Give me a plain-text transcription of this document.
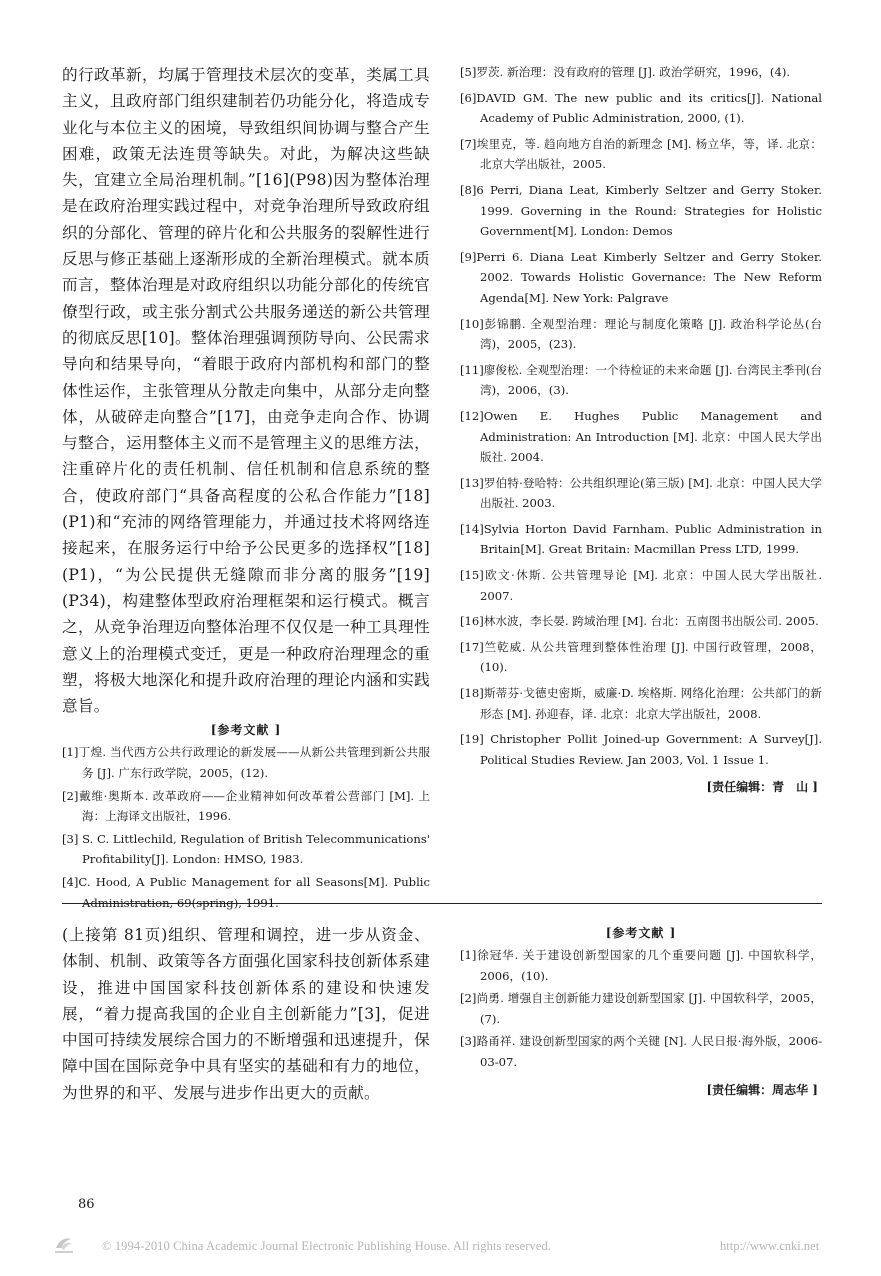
的行政革新，均属于管理技术层次的变革，类属工具主义，且政府部门组织建制若仍功能分化，将造成专业化与本位主义的困境，导致组织间协调与整合产生困难，政策无法连贯等缺失。对此，为解决这些缺失，宜建立全局治理机制。”[16](P98)因为整体治理是在政府治理实践过程中，对竞争治理所导致政府组织的分部化、管理的碎片化和公共服务的裂解性进行反思与修正基础上逐渐形成的全新治理模式。就本质而言，整体治理是对政府组织以功能分部化的传统官僚型行政，或主张分割式公共服务递送的新公共管理的彻底反思[10]。整体治理强调预防导向、公民需求导向和结果导向，“着眼于政府内部机构和部门的整体性运作，主张管理从分散走向集中，从部分走向整体，从破碎走向整合”[17]，由竞争走向合作、协调与整合，运用整体主义而不是管理主义的思维方法，注重碎片化的责任机制、信任机制和信息系统的整合，使政府部门“具备高程度的公私合作能力”[18](P1)和“充沛的网络管理能力，并通过技术将网络连接起来，在服务运行中给予公民更多的选择权”[18](P1)，“为公民提供无缝隙而非分离的服务”[19](P34)，构建整体型政府治理框架和运行模式。概言之，从竞争治理迈向整体治理不仅仅是一种工具理性意义上的治理模式变迁，更是一种政府治理理念的重塑，将极大地深化和提升政府治理的理论内涵和实践意旨。

[参考文献 ]
[1]丁煌. 当代西方公共行政理论的新发展——从新公共管理到新公共服务 [J]. 广东行政学院，2005，(12).
[2]戴维·奥斯本. 改革政府——企业精神如何改革着公营部门 [M]. 上海：上海译文出版社，1996.
[3] S. C. Littlechild, Regulation of British Telecommunications' Profitability[J]. London: HMSO, 1983.
[4]C. Hood, A Public Management for all Seasons[M]. Public Administration, 69(spring), 1991.
[5]罗茨. 新治理：没有政府的管理 [J]. 政治学研究，1996，(4).
[6]DAVID GM. The new public and its critics[J]. National Academy of Public Administration, 2000, (1).
[7]埃里克，等. 趋向地方自治的新理念 [M]. 杨立华，等，译. 北京：北京大学出版社，2005.
[8]6 Perri, Diana Leat, Kimberly Seltzer and Gerry Stoker. 1999. Governing in the Round: Strategies for Holistic Government[M]. London: Demos
[9]Perri 6. Diana Leat Kimberly Seltzer and Gerry Stoker. 2002. Towards Holistic Governance: The New Reform Agenda[M]. New York: Palgrave
[10]彭锦鹏. 全观型治理：理论与制度化策略 [J]. 政治科学论丛(台湾)，2005，(23).
[11]廖俊松. 全观型治理：一个待检证的未来命题 [J]. 台湾民主季刊(台湾)，2006，(3).
[12]Owen E. Hughes Public Management and Administration: An Introduction [M]. 北京：中国人民大学出版社. 2004.
[13]罗伯特·登哈特：公共组织理论(第三版) [M]. 北京：中国人民大学出版社. 2003.
[14]Sylvia Horton David Farnham. Public Administration in Britain[M]. Great Britain: Macmillan Press LTD, 1999.
[15]欧文·休斯. 公共管理导论 [M]. 北京：中国人民大学出版社. 2007.
[16]林水波，李长晏. 跨域治理 [M]. 台北：五南图书出版公司. 2005.
[17]竺乾威. 从公共管理到整体性治理 [J]. 中国行政管理，2008，(10).
[18]斯蒂芬·戈德史密斯，威廉·D. 埃格斯. 网络化治理：公共部门的新形态 [M]. 孙迎春，译. 北京：北京大学出版社，2008.
[19] Christopher Pollit Joined-up Government: A Survey[J]. Political Studies Review. Jan 2003, Vol. 1 Issue 1.
[责任编辑：青　山 ]

(上接第 81页)组织、管理和调控，进一步从资金、体制、机制、政策等各方面强化国家科技创新体系建设，推进中国国家科技创新体系的建设和快速发展，“着力提高我国的企业自主创新能力”[3]，促进中国可持续发展综合国力的不断增强和迅速提升，保障中国在国际竞争中具有坚实的基础和有力的地位，为世界的和平、发展与进步作出更大的贡献。

[参考文献 ]
[1]徐冠华. 关于建设创新型国家的几个重要问题 [J]. 中国软科学，2006，(10).
[2]尚勇. 增强自主创新能力建设创新型国家 [J]. 中国软科学，2005，(7).
[3]路甬祥. 建设创新型国家的两个关键 [N]. 人民日报·海外版，2006-03-07.
[责任编辑：周志华 ]
86
© 1994-2010 China Academic Journal Electronic Publishing House. All rights reserved.	http://www.cnki.net
